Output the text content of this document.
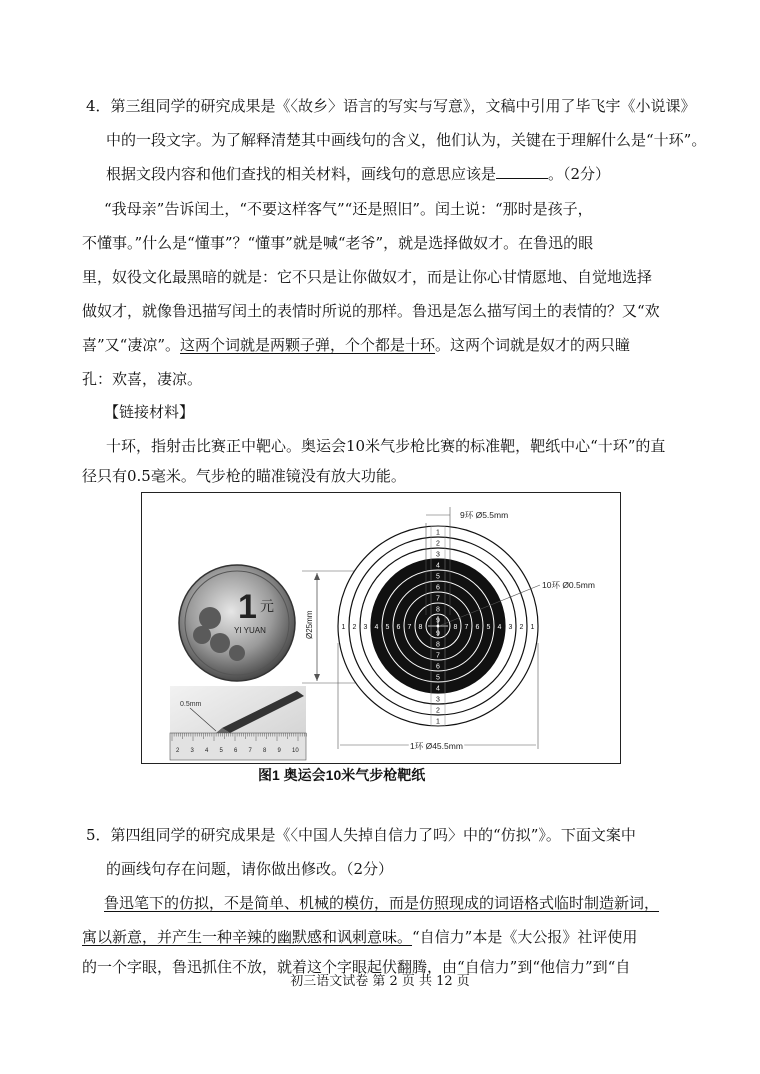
4．第三组同学的研究成果是《〈故乡〉语言的写实与写意》，文稿中引用了毕飞宇《小说课》
中的一段文字。为了解释清楚其中画线句的含义，他们认为，关键在于理解什么是“十环”。
根据文段内容和他们查找的相关材料，画线句的意思应该是	。（2分）
“我母亲”告诉闰土，“不要这样客气”“还是照旧”。闰土说：“那时是孩子，
不懂事。”什么是“懂事”？“懂事”就是喊“老爷”，就是选择做奴才。在鲁迅的眼
里，奴役文化最黑暗的就是：它不只是让你做奴才，而是让你心甘情愿地、自觉地选择
做奴才，就像鲁迅描写闰土的表情时所说的那样。鲁迅是怎么描写闰土的表情的？又“欢
喜”又“凄凉”。这两个词就是两颗子弹，个个都是十环。这两个词就是奴才的两只瞳
孔：欢喜，凄凉。
【链接材料】
十环，指射击比赛正中靶心。奥运会10米气步枪比赛的标准靶，靶纸中心“十环”的直
径只有0.5毫米。气步枪的瞄准镜没有放大功能。
1 元
YI YUAN
0.5mm
2 3 4 5 6 7 8 9 10
Ø25mm
1
1
2
2
3
3
4
4
5
5
6
6
7
7
8
8
9
9
1	1
2	2
3	3
4	4
5	5
6	6
7	7
8	8
9环 Ø5.5mm
10环 Ø0.5mm
1环 Ø45.5mm
图1 奥运会10米气步枪靶纸
5．第四组同学的研究成果是《〈中国人失掉自信力了吗〉中的“仿拟”》。下面文案中
的画线句存在问题，请你做出修改。（2分）
鲁迅笔下的仿拟，不是简单、机械的模仿，而是仿照现成的词语格式临时制造新词，
寓以新意，并产生一种辛辣的幽默感和讽刺意味。“自信力”本是《大公报》社评使用
的一个字眼，鲁迅抓住不放，就着这个字眼起伏翻腾，由“自信力”到“他信力”到“自
初三语文试卷 第 2 页 共 12 页
